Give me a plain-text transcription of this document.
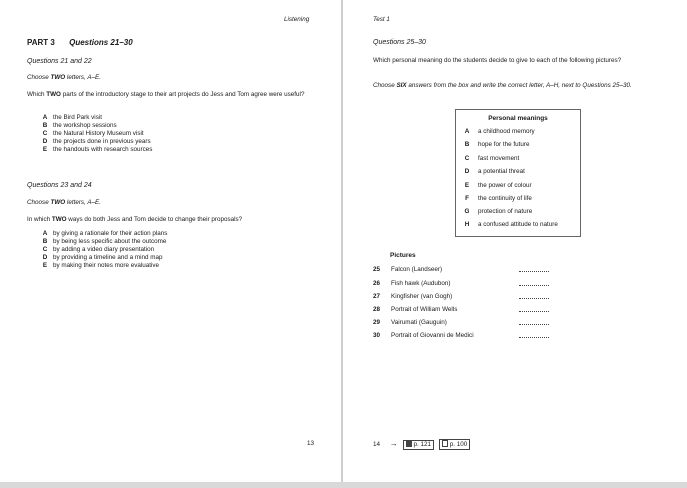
Listening
PART 3 Questions 21–30
Questions 21 and 22
Choose TWO letters, A–E.
Which TWO parts of the introductory stage to their art projects do Jess and Tom agree were useful?
A the Bird Park visit
B the workshop sessions
C the Natural History Museum visit
D the projects done in previous years
E the handouts with research sources
Questions 23 and 24
Choose TWO letters, A–E.
In which TWO ways do both Jess and Tom decide to change their proposals?
A by giving a rationale for their action plans
B by being less specific about the outcome
C by adding a video diary presentation
D by providing a timeline and a mind map
E by making their notes more evaluative
13
Test 1
Questions 25–30
Which personal meaning do the students decide to give to each of the following pictures?
Choose SIX answers from the box and write the correct letter, A–H, next to Questions 25–30.
Personal meanings
A a childhood memory
B hope for the future
C fast movement
D a potential threat
E the power of colour
F the continuity of life
G protection of nature
H a confused attitude to nature
Pictures
25 Falcon (Landseer)
26 Fish hawk (Audubon)
27 Kingfisher (van Gogh)
28 Portrait of William Wells
29 Vairumati (Gauguin)
30 Portrait of Giovanni de Medici
14 →	p. 121	p. 100
